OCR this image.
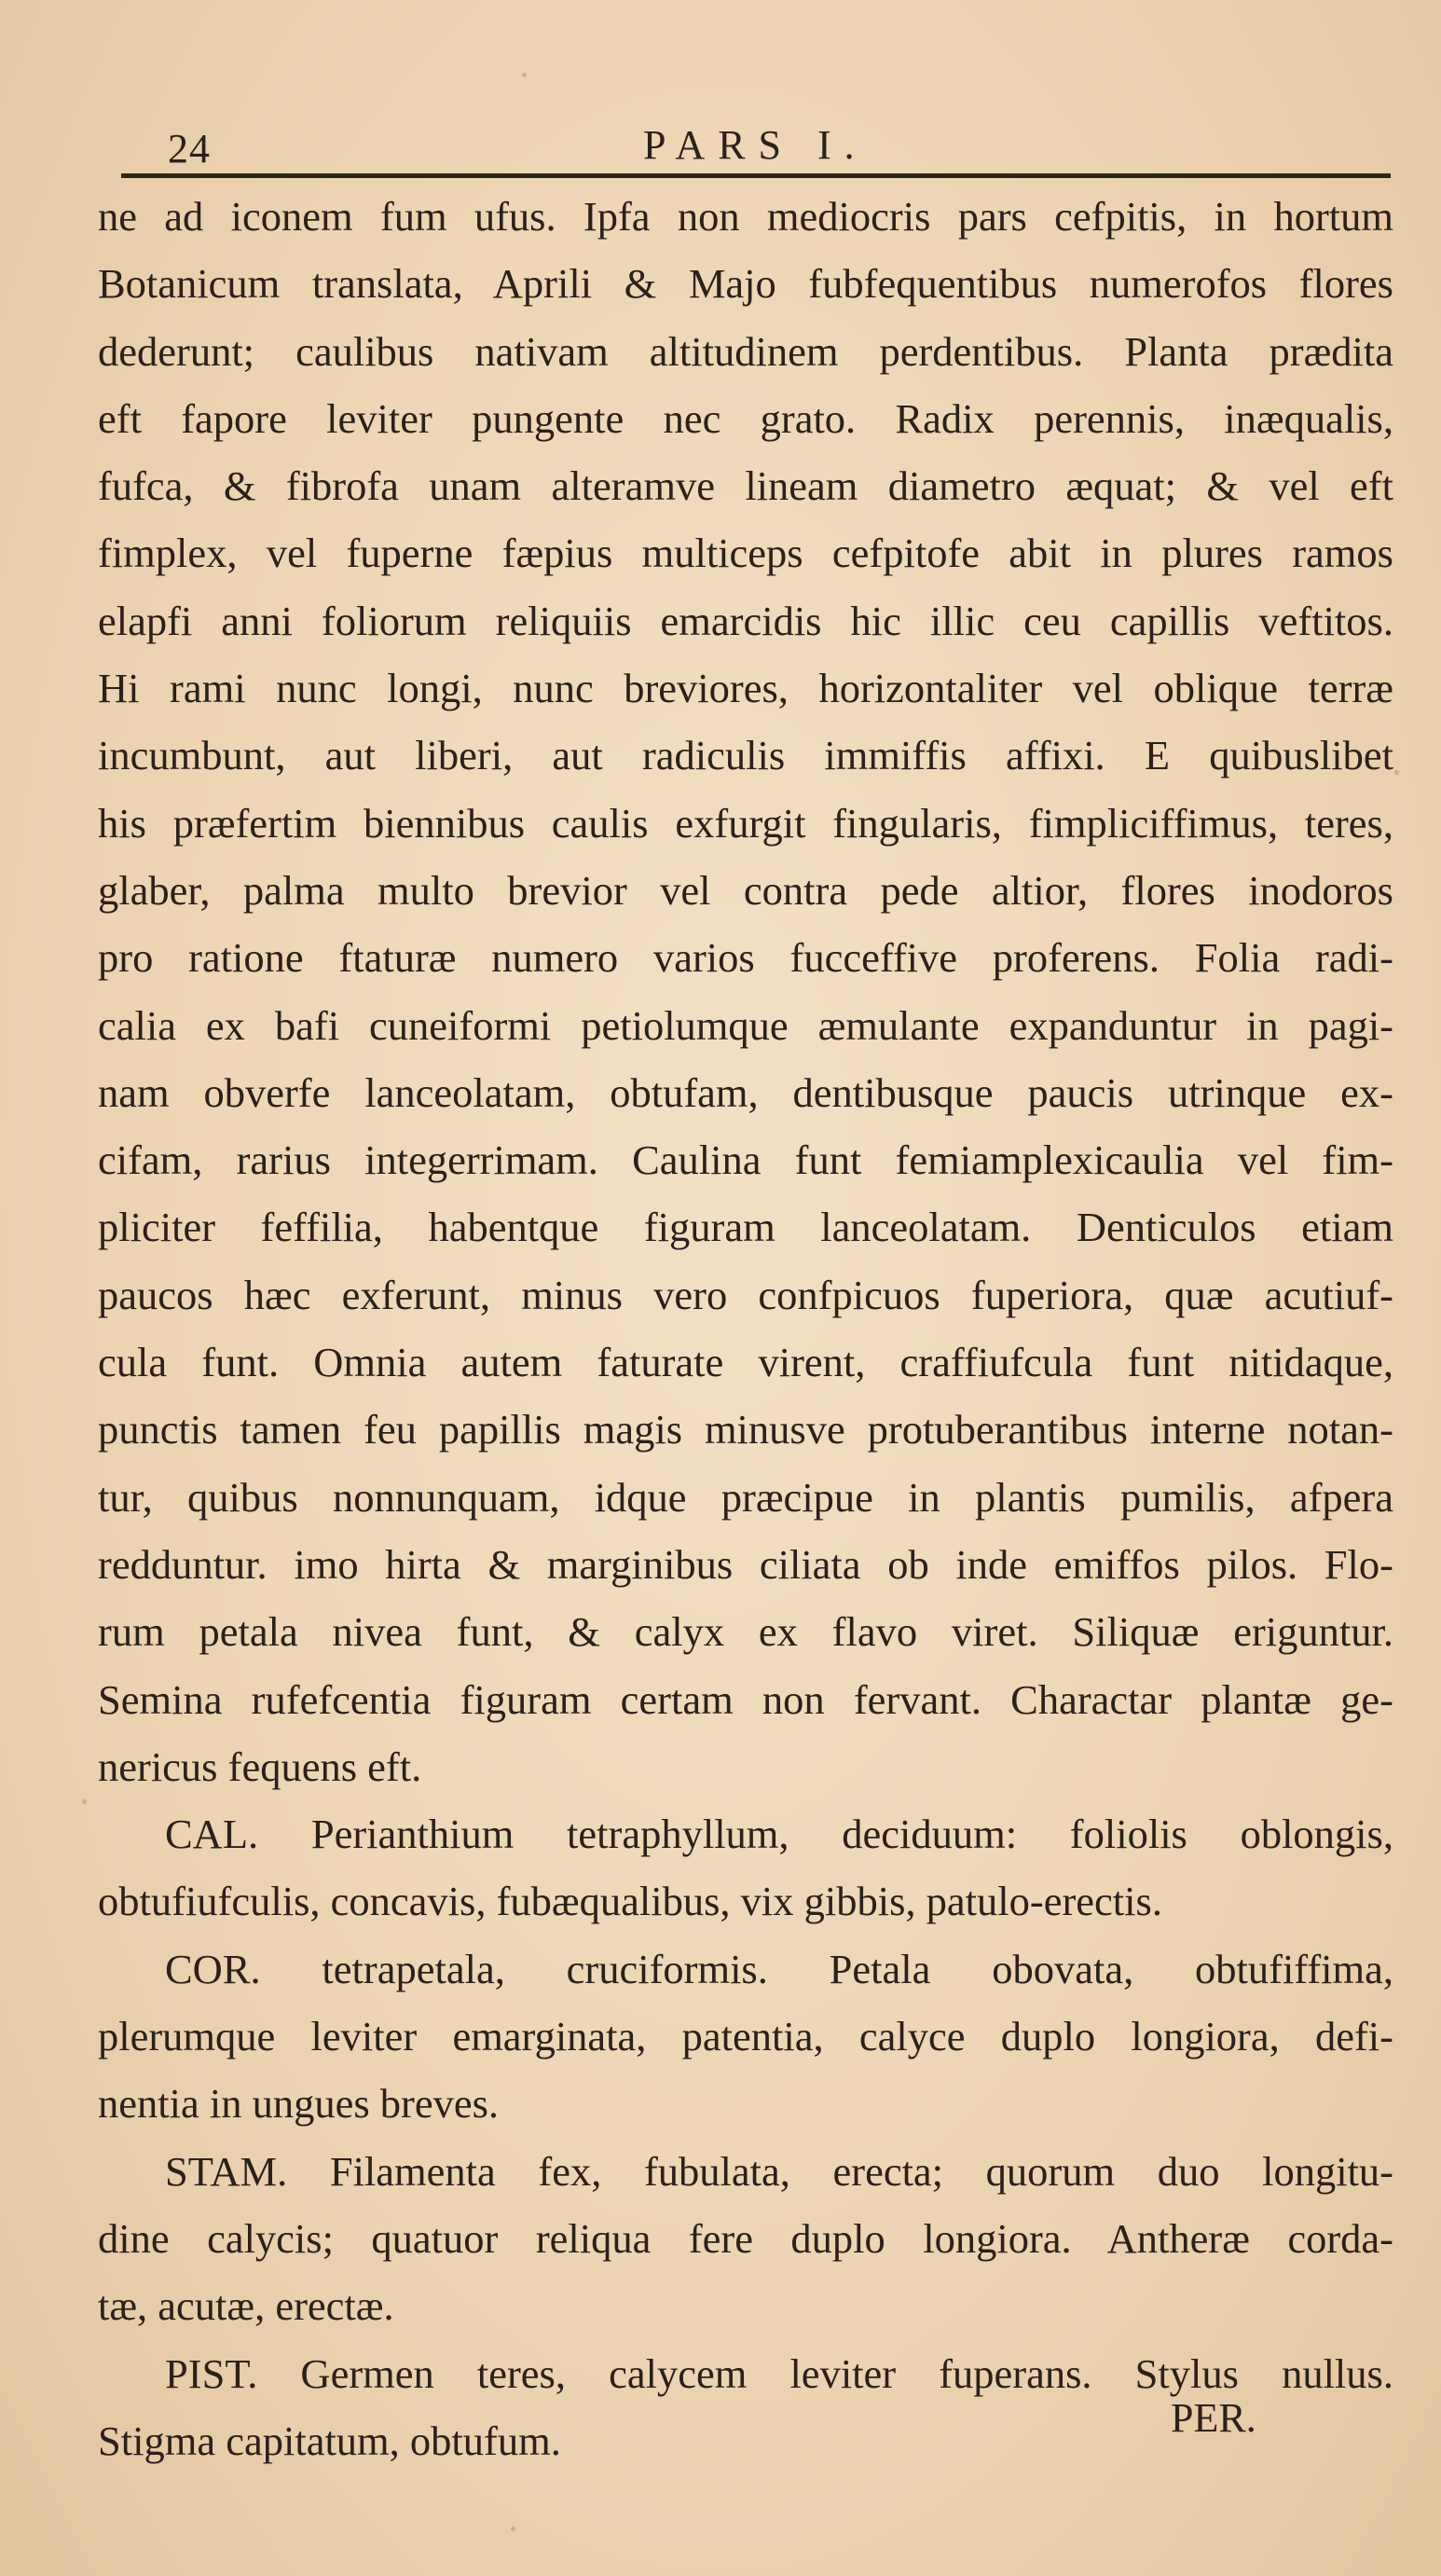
24	PARS I.
ne ad iconem fum ufus. Ipfa non mediocris pars cefpitis, in hortum
Botanicum translata, Aprili & Majo fubfequentibus numerofos flores
dederunt; caulibus nativam altitudinem perdentibus. Planta prædita
eft fapore leviter pungente nec grato. Radix perennis, inæqualis,
fufca, & fibrofa unam alteramve lineam diametro æquat; & vel eft
fimplex, vel fuperne fæpius multiceps cefpitofe abit in plures ramos
elapfi anni foliorum reliquiis emarcidis hic illic ceu capillis veftitos.
Hi rami nunc longi, nunc breviores, horizontaliter vel oblique terræ
incumbunt, aut liberi, aut radiculis immiffis affixi. E quibuslibet
his præfertim biennibus caulis exfurgit fingularis, fimpliciffimus, teres,
glaber, palma multo brevior vel contra pede altior, flores inodoros
pro ratione ftaturæ numero varios fucceffive proferens. Folia radi-
calia ex bafi cuneiformi petiolumque æmulante expanduntur in pagi-
nam obverfe lanceolatam, obtufam, dentibusque paucis utrinque ex-
cifam, rarius integerrimam. Caulina funt femiamplexicaulia vel fim-
pliciter feffilia, habentque figuram lanceolatam. Denticulos etiam
paucos hæc exferunt, minus vero confpicuos fuperiora, quæ acutiuf-
cula funt. Omnia autem faturate virent, craffiufcula funt nitidaque,
punctis tamen feu papillis magis minusve protuberantibus interne notan-
tur, quibus nonnunquam, idque præcipue in plantis pumilis, afpera
redduntur. imo hirta & marginibus ciliata ob inde emiffos pilos. Flo-
rum petala nivea funt, & calyx ex flavo viret. Siliquæ eriguntur.
Semina rufefcentia figuram certam non fervant. Charactar plantæ ge-
nericus fequens eft.
CAL. Perianthium tetraphyllum, deciduum: foliolis oblongis,
obtufiufculis, concavis, fubæqualibus, vix gibbis, patulo-erectis.
COR. tetrapetala, cruciformis. Petala obovata, obtufiffima,
plerumque leviter emarginata, patentia, calyce duplo longiora, defi-
nentia in ungues breves.
STAM. Filamenta fex, fubulata, erecta; quorum duo longitu-
dine calycis; quatuor reliqua fere duplo longiora. Antheræ corda-
tæ, acutæ, erectæ.
PIST. Germen teres, calycem leviter fuperans. Stylus nullus.
Stigma capitatum, obtufum.	PER.
